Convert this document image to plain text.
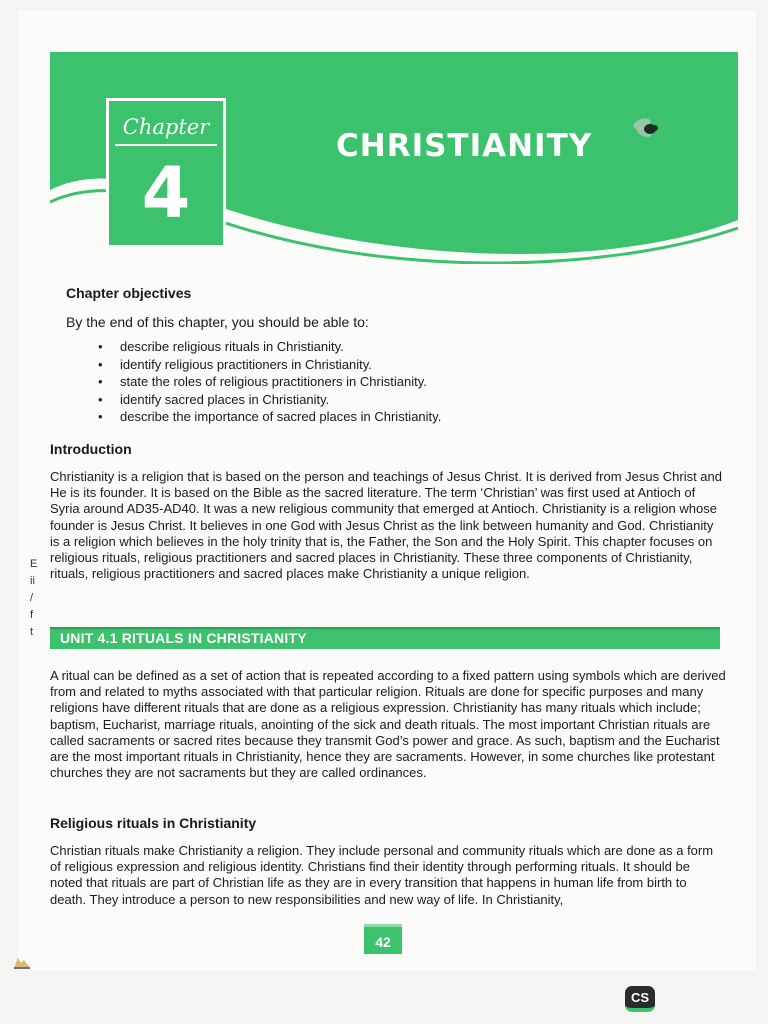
Chapter
4
CHRISTIANITY
Chapter objectives
By the end of this chapter, you should be able to:
• describe religious rituals in Christianity.
• identify religious practitioners in Christianity.
• state the roles of religious practitioners in Christianity.
• identify sacred places in Christianity.
• describe the importance of sacred places in Christianity.
Introduction
Christianity is a religion that is based on the person and teachings of Jesus Christ. It is derived from Jesus Christ and He is its founder. It is based on the Bible as the sacred literature. The term ‘Christian’ was first used at Antioch of Syria around AD35-AD40. It was a new religious community that emerged at Antioch. Christianity is a religion whose founder is Jesus Christ. It believes in one God with Jesus Christ as the link between humanity and God. Christianity is a religion which believes in the holy trinity that is, the Father, the Son and the Holy Spirit. This chapter focuses on religious rituals, religious practitioners and sacred places in Christianity. These three components of Christianity, rituals, religious practitioners and sacred places make Christianity a unique religion.
E
ii
/
f
t	UNIT 4.1 RITUALS IN CHRISTIANITY
A ritual can be defined as a set of action that is repeated according to a fixed pattern using symbols which are derived from and related to myths associated with that particular religion. Rituals are done for specific purposes and many religions have different rituals that are done as a religious expression. Christianity has many rituals which include; baptism, Eucharist, marriage rituals, anointing of the sick and death rituals. The most important Christian rituals are called sacraments or sacred rites because they transmit God’s power and grace. As such, baptism and the Eucharist are the most important rituals in Christianity, hence they are sacraments. However, in some churches like protestant churches they are not sacraments but they are called ordinances.
Religious rituals in Christianity
Christian rituals make Christianity a religion. They include personal and community rituals which are done as a form of religious expression and religious identity. Christians find their identity through performing rituals. It should be noted that rituals are part of Christian life as they are in every transition that happens in human life from birth to death. They introduce a person to new responsibilities and new way of life. In Christianity,
42
CS
